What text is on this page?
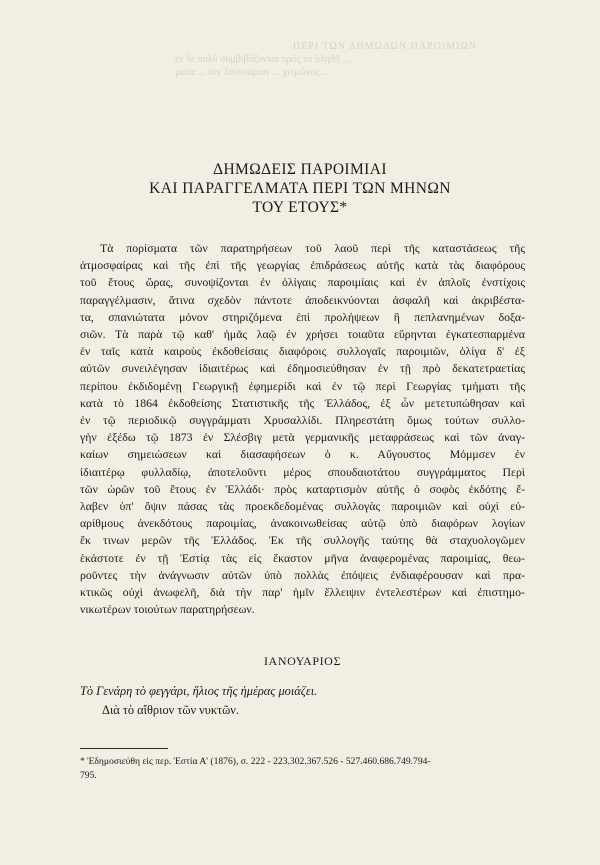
ΠΕΡΙ ΤΩΝ ΔΗΜΩΔΩΝ ΠΑΡΟΙΜΙΩΝ
ἐν δὲ πολὺ συμβιβάζονται πρὸς τὰ ἀληθῆ ...
ματα ... τὸν Ἰανουάριον ... χειμῶνος ...
ΔΗΜΩΔΕΙΣ ΠΑΡΟΙΜΙΑΙ
ΚΑΙ ΠΑΡΑΓΓΕΛΜΑΤΑ ΠΕΡΙ ΤΩΝ ΜΗΝΩΝ
ΤΟΥ ΕΤΟΥΣ*
Τὰ πορίσματα τῶν παρατηρήσεων τοῦ λαοῦ περὶ τῆς καταστάσεως τῆς
ἀτμοσφαίρας καὶ τῆς ἐπὶ τῆς γεωργίας ἐπιδράσεως αὐτῆς κατὰ τὰς διαφόρους
τοῦ ἔτους ὥρας, συνοψίζονται ἐν ὀλίγαις παροιμίαις καὶ ἐν ἁπλοῖς ἐνστίχοις
παραγγέλμασιν, ἅτινα σχεδὸν πάντοτε ἀποδεικνύονται ἀσφαλῆ καὶ ἀκριβέστα-
τα, σπανιώτατα μόνον στηριζόμενα ἐπὶ προλήψεων ἢ πεπλανημένων δοξα-
σιῶν. Τὰ παρὰ τῷ καθ' ἡμᾶς λαῷ ἐν χρήσει τοιαῦτα εὕρηνται ἐγκατεσπαρμένα
ἐν ταῖς κατὰ καιροὺς ἐκδοθείσαις διαφόροις συλλογαῖς παροιμιῶν, ὀλίγα δ' ἐξ
αὐτῶν συνειλέγησαν ἰδιαιτέρως καὶ ἐδημοσιεύθησαν ἐν τῇ πρὸ δεκατετραετίας
περίπου ἐκδιδομένῃ Γεωργικῇ ἐφημερίδι καὶ ἐν τῷ περὶ Γεωργίας τμήματι τῆς
κατὰ τὸ 1864 ἐκδοθείσης Στατιστικῆς τῆς Ἑλλάδος, ἐξ ὧν μετετυπώθησαν καὶ
ἐν τῷ περιοδικῷ συγγράμματι Χρυσαλλίδι. Πληρεστάτη ὅμως τούτων συλλο-
γὴν ἐξέδω τῷ 1873 ἐν Σλέσβιγ μετὰ γερμανικῆς μεταφράσεως καὶ τῶν ἀναγ-
καίων σημειώσεων καὶ διασαφήσεων ὁ κ. Αὔγουστος Μόμμσεν ἐν
ἰδιαιτέρῳ φυλλαδίῳ, ἀποτελοῦντι μέρος σπουδαιοτάτου συγγράμματος Περὶ
τῶν ὡρῶν τοῦ ἔτους ἐν Ἑλλάδι· πρὸς καταρτισμὸν αὐτῆς ὁ σοφὸς ἐκδότης ἔ-
λαβεν ὑπ' ὄψιν πάσας τὰς προεκδεδομένας συλλογὰς παροιμιῶν καὶ οὐχὶ εὐ-
αρίθμους ἀνεκδότους παροιμίας, ἀνακοινωθείσας αὐτῷ ὑπὸ διαφόρων λογίων
ἔκ τινων μερῶν τῆς Ἑλλάδος. Ἐκ τῆς συλλογῆς ταύτης θὰ σταχυολογῶμεν
ἑκάστοτε ἐν τῇ Ἑστίᾳ τὰς εἰς ἕκαστον μῆνα ἀναφερομένας παροιμίας, θεω-
ροῦντες τὴν ἀνάγνωσιν αὐτῶν ὑπὸ πολλὰς ἐπόψεις ἐνδιαφέρουσαν καὶ πρα-
κτικῶς οὐχὶ ἀνωφελῆ, διὰ τὴν παρ' ἡμῖν ἔλλειψιν ἐντελεστέρων καὶ ἐπιστημο-
νικωτέρων τοιούτων παρατηρήσεων.
ΙΑΝΟΥΑΡΙΟΣ
Τὸ Γενάρη τὸ φεγγάρι, ἥλιος τῆς ἡμέρας μοιάζει.
Διὰ τὸ αἴθριον τῶν νυκτῶν.
* Ἐδημοσιεύθη εἰς περ. Ἑστία Α' (1876), σ. 222 - 223.302.367.526 - 527.460.686.749.794-
795.
